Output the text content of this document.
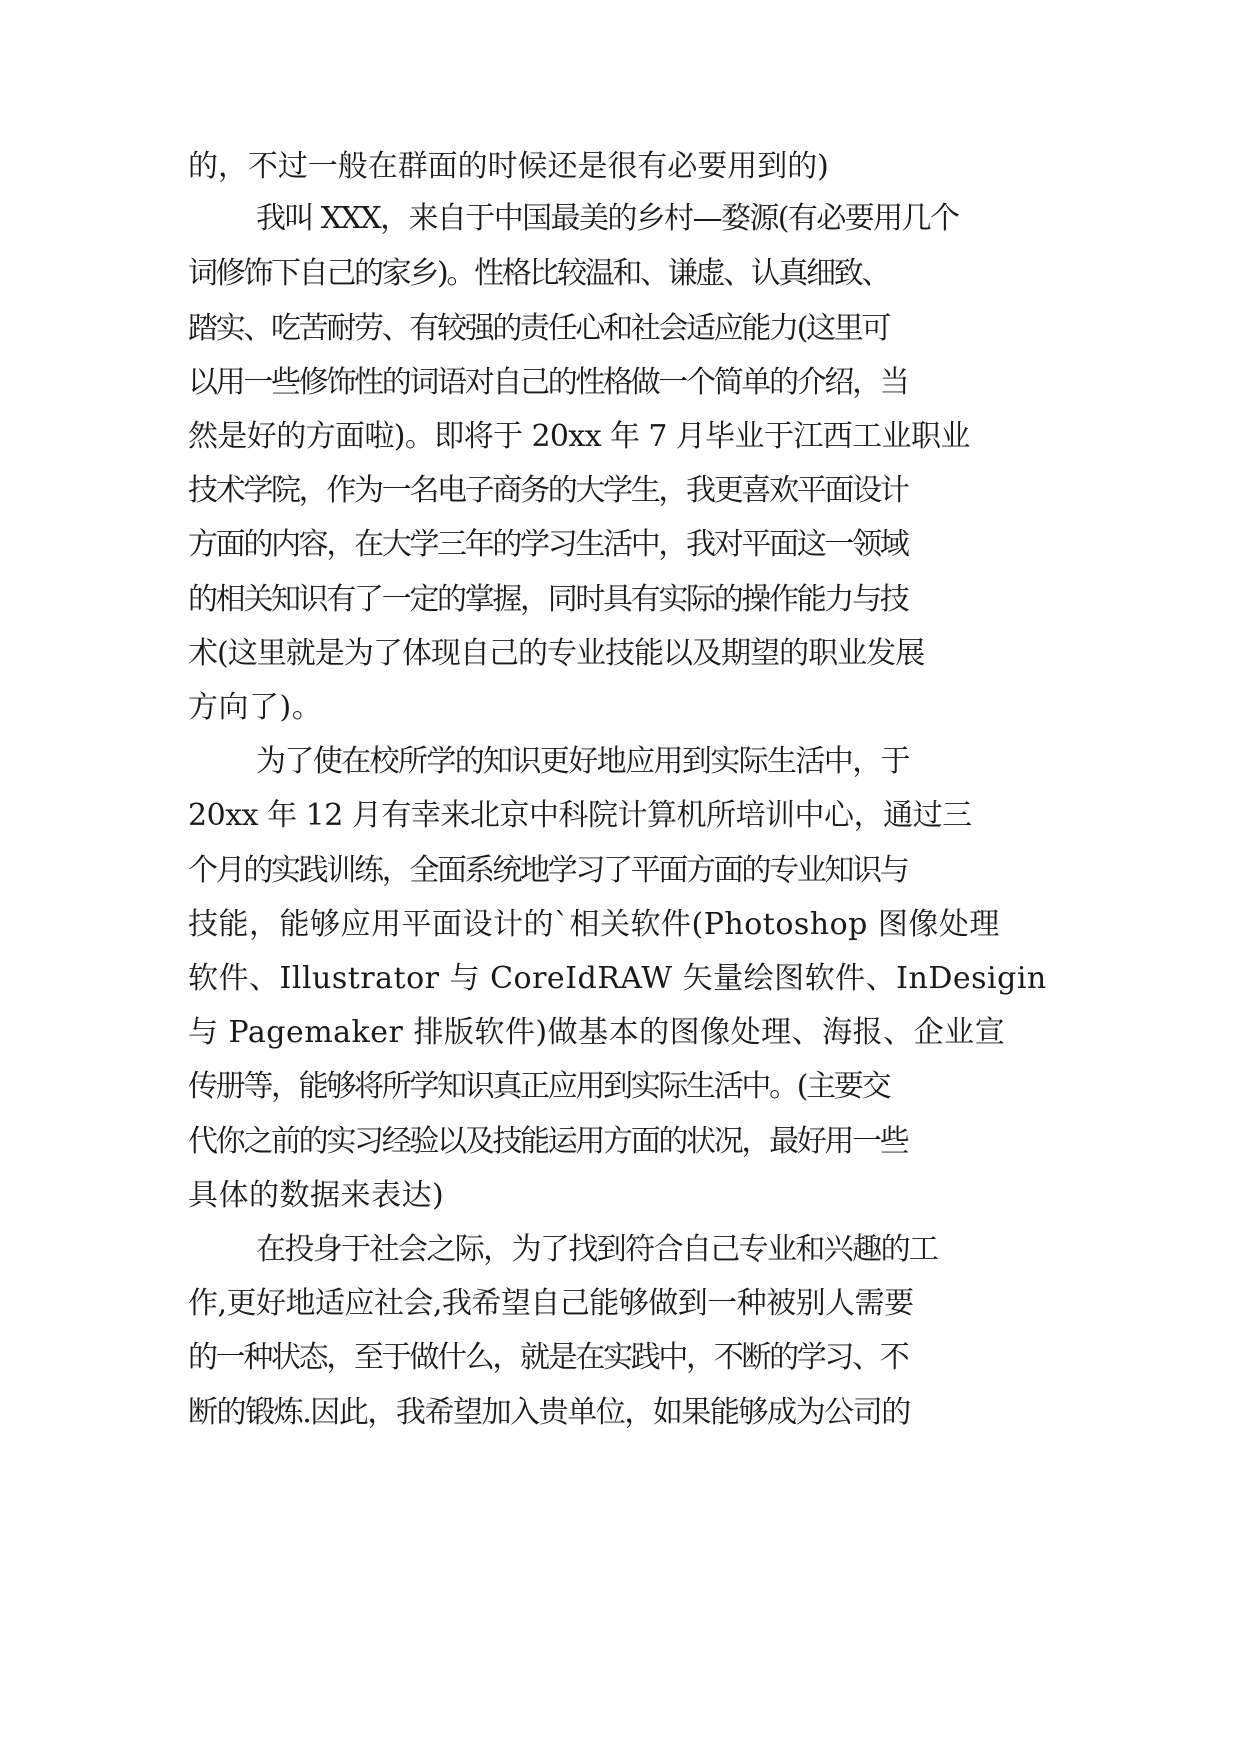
的，不过一般在群面的时候还是很有必要用到的)
我叫 XXX，来自于中国最美的乡村—婺源(有必要用几个
词修饰下自己的家乡)。性格比较温和、谦虚、认真细致、
踏实、吃苦耐劳、有较强的责任心和社会适应能力(这里可
以用一些修饰性的词语对自己的性格做一个简单的介绍，当
然是好的方面啦)。即将于 20xx 年 7 月毕业于江西工业职业
技术学院，作为一名电子商务的大学生，我更喜欢平面设计
方面的内容，在大学三年的学习生活中，我对平面这一领域
的相关知识有了一定的掌握，同时具有实际的操作能力与技
术(这里就是为了体现自己的专业技能以及期望的职业发展
方向了)。
为了使在校所学的知识更好地应用到实际生活中，于
20xx 年 12 月有幸来北京中科院计算机所培训中心，通过三
个月的实践训练，全面系统地学习了平面方面的专业知识与
技能，能够应用平面设计的`相关软件(Photoshop 图像处理
软件、Illustrator 与 CoreIdRAW 矢量绘图软件、InDesigin
与 Pagemaker 排版软件)做基本的图像处理、海报、企业宣
传册等，能够将所学知识真正应用到实际生活中。(主要交
代你之前的实习经验以及技能运用方面的状况，最好用一些
具体的数据来表达)
在投身于社会之际，为了找到符合自己专业和兴趣的工
作,更好地适应社会,我希望自己能够做到一种被别人需要
的一种状态，至于做什么，就是在实践中，不断的学习、不
断的锻炼.因此，我希望加入贵单位，如果能够成为公司的
